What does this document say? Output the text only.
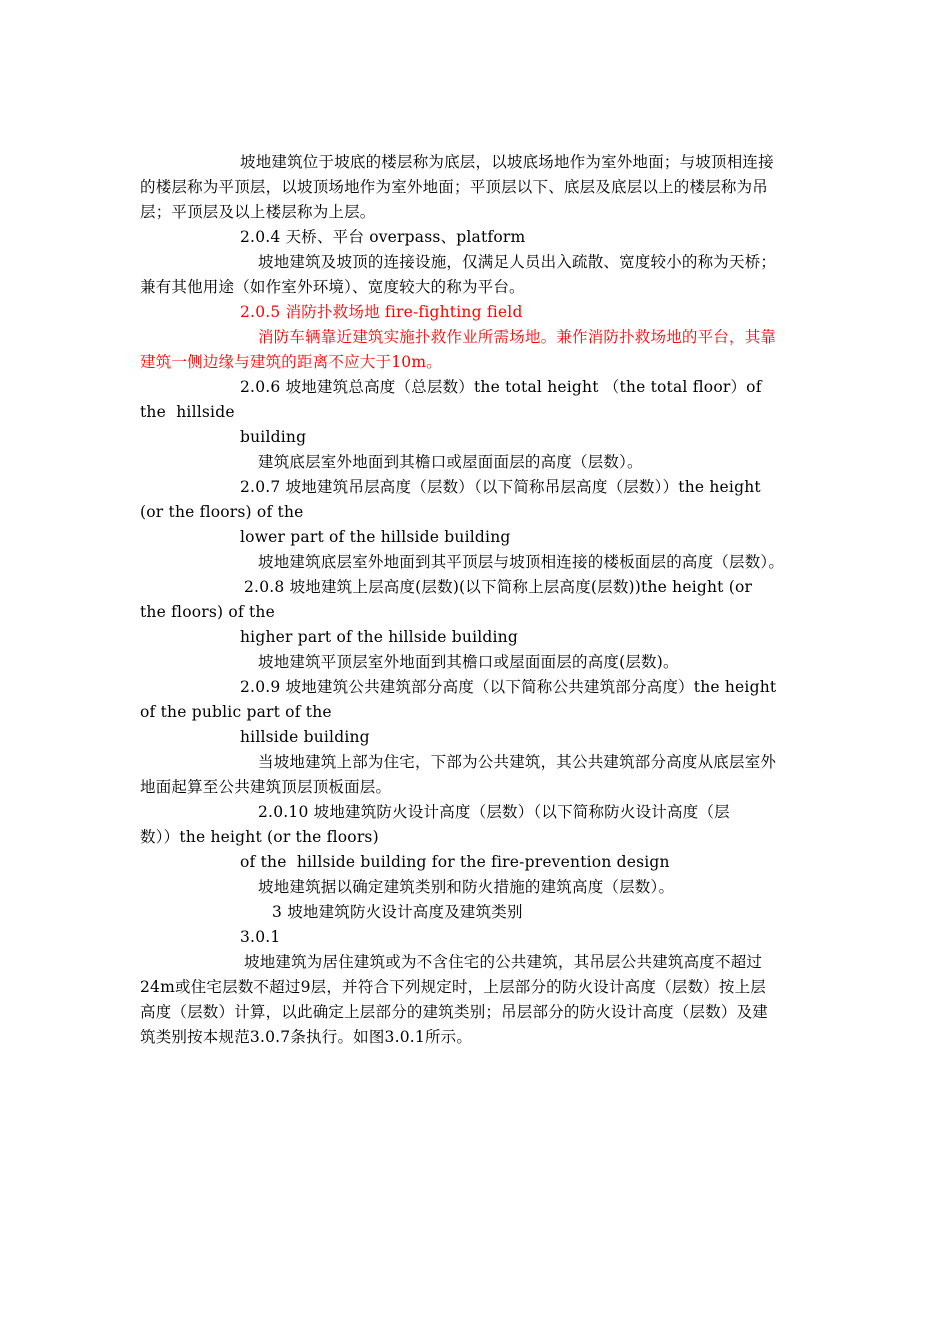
坡地建筑位于坡底的楼层称为底层，以坡底场地作为室外地面；与坡顶相连接
的楼层称为平顶层，以坡顶场地作为室外地面；平顶层以下、底层及底层以上的楼层称为吊
层；平顶层及以上楼层称为上层。
2.0.4 天桥、平台 overpass、platform
坡地建筑及坡顶的连接设施，仅满足人员出入疏散、宽度较小的称为天桥；
兼有其他用途（如作室外环境）、宽度较大的称为平台。
2.0.5 消防扑救场地 fire-fighting field
消防车辆靠近建筑实施扑救作业所需场地。兼作消防扑救场地的平台，其靠
建筑一侧边缘与建筑的距离不应大于10m。
2.0.6 坡地建筑总高度（总层数）the total height （the total floor）of
the  hillside
building
建筑底层室外地面到其檐口或屋面面层的高度（层数）。
2.0.7 坡地建筑吊层高度（层数）（以下简称吊层高度（层数））the height
(or the floors) of the
lower part of the hillside building
坡地建筑底层室外地面到其平顶层与坡顶相连接的楼板面层的高度（层数）。
2.0.8 坡地建筑上层高度(层数)(以下简称上层高度(层数))the height (or
the floors) of the
higher part of the hillside building
坡地建筑平顶层室外地面到其檐口或屋面面层的高度(层数)。
2.0.9 坡地建筑公共建筑部分高度（以下简称公共建筑部分高度）the height
of the public part of the
hillside building
当坡地建筑上部为住宅，下部为公共建筑，其公共建筑部分高度从底层室外
地面起算至公共建筑顶层顶板面层。
2.0.10 坡地建筑防火设计高度（层数）（以下简称防火设计高度（层
数））the height (or the floors)
of the  hillside building for the fire-prevention design
坡地建筑据以确定建筑类别和防火措施的建筑高度（层数）。
3 坡地建筑防火设计高度及建筑类别
3.0.1
坡地建筑为居住建筑或为不含住宅的公共建筑，其吊层公共建筑高度不超过
24m或住宅层数不超过9层，并符合下列规定时，上层部分的防火设计高度（层数）按上层
高度（层数）计算，以此确定上层部分的建筑类别；吊层部分的防火设计高度（层数）及建
筑类别按本规范3.0.7条执行。如图3.0.1所示。
